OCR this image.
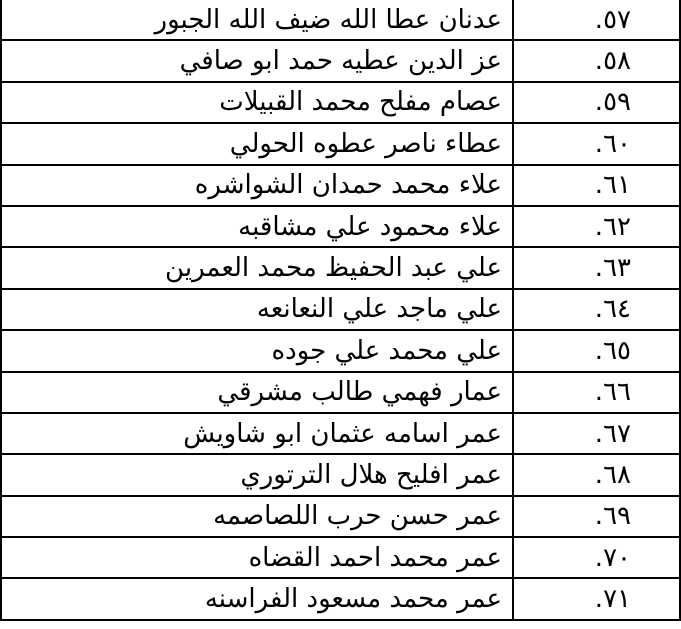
عدنان عطا الله ضيف الله الجبور	٥٧.
عز الدين عطيه حمد ابو صافي	٥٨.
عصام مفلح محمد القبيلات	٥٩.
عطاء ناصر عطوه الحولي	٦٠.
علاء محمد حمدان الشواشره	٦١.
علاء محمود علي مشاقبه	٦٢.
علي عبد الحفيظ محمد العمرين	٦٣.
علي ماجد علي النعانعه	٦٤.
علي محمد علي جوده	٦٥.
عمار فهمي طالب مشرقي	٦٦.
عمر اسامه عثمان ابو شاويش	٦٧.
عمر افليح هلال الترتوري	٦٨.
عمر حسن حرب اللصاصمه	٦٩.
عمر محمد احمد القضاه	٧٠.
عمر محمد مسعود الفراسنه	٧١.
